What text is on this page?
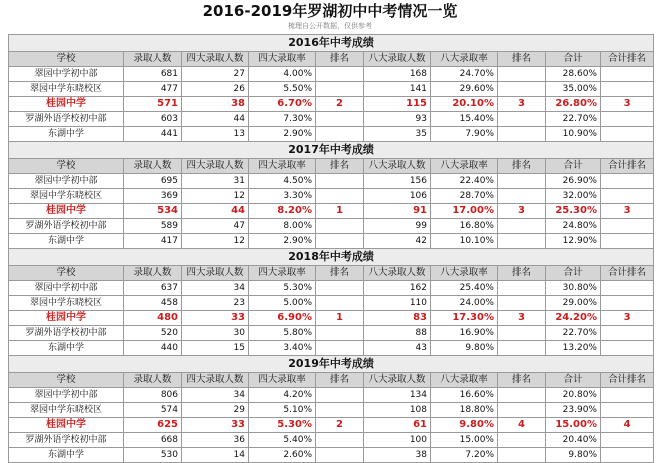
2016-2019年罗湖初中中考情况一览
梳理自公开数据，仅供参考
2016年中考成绩									
学校	录取人数	四大录取人数	四大录取率	排名	八大录取人数	八大录取率	排名	合计	合计排名
翠园中学初中部	681	27	4.00%		168	24.70%		28.60%	
翠园中学东晓校区	477	26	5.50%		141	29.60%		35.00%	
桂园中学	571	38	6.70%	2	115	20.10%	3	26.80%	3
罗湖外语学校初中部	603	44	7.30%		93	15.40%		22.70%	
东湖中学	441	13	2.90%		35	7.90%		10.90%	
2017年中考成绩									
学校	录取人数	四大录取人数	四大录取率	排名	八大录取人数	八大录取率	排名	合计	合计排名
翠园中学初中部	695	31	4.50%		156	22.40%		26.90%	
翠园中学东晓校区	369	12	3.30%		106	28.70%		32.00%	
桂园中学	534	44	8.20%	1	91	17.00%	3	25.30%	3
罗湖外语学校初中部	589	47	8.00%		99	16.80%		24.80%	
东湖中学	417	12	2.90%		42	10.10%		12.90%	
2018年中考成绩									
学校	录取人数	四大录取人数	四大录取率	排名	八大录取人数	八大录取率	排名	合计	合计排名
翠园中学初中部	637	34	5.30%		162	25.40%		30.80%	
翠园中学东晓校区	458	23	5.00%		110	24.00%		29.00%	
桂园中学	480	33	6.90%	1	83	17.30%	3	24.20%	3
罗湖外语学校初中部	520	30	5.80%		88	16.90%		22.70%	
东湖中学	440	15	3.40%		43	9.80%		13.20%	
2019年中考成绩									
学校	录取人数	四大录取人数	四大录取率	排名	八大录取人数	八大录取率	排名	合计	合计排名
翠园中学初中部	806	34	4.20%		134	16.60%		20.80%	
翠园中学东晓校区	574	29	5.10%		108	18.80%		23.90%	
桂园中学	625	33	5.30%	2	61	9.80%	4	15.00%	4
罗湖外语学校初中部	668	36	5.40%		100	15.00%		20.40%	
东湖中学	530	14	2.60%		38	7.20%		9.80%	
